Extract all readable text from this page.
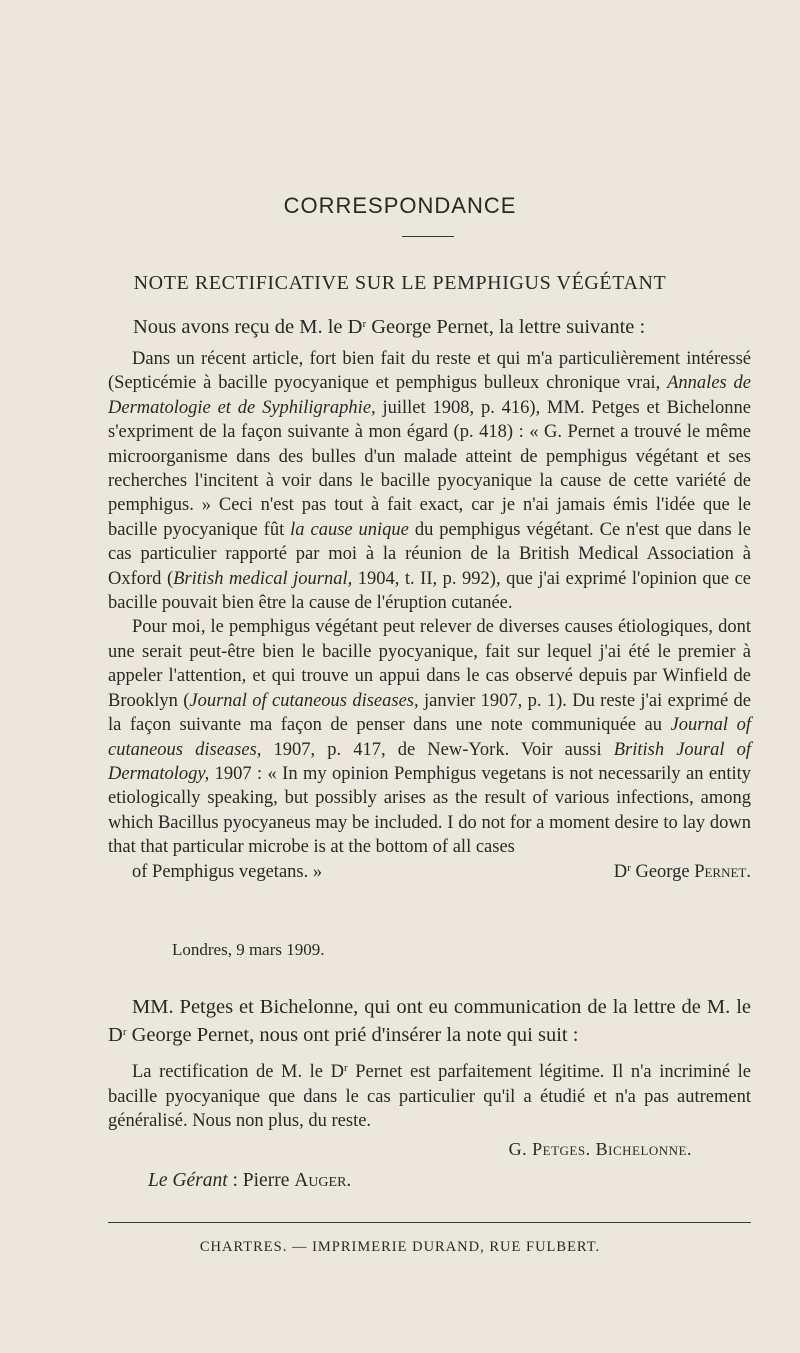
CORRESPONDANCE
NOTE RECTIFICATIVE SUR LE PEMPHIGUS VÉGÉTANT
Nous avons reçu de M. le $D^r$ George Pernet, la lettre suivante :

Dans un récent article, fort bien fait du reste et qui m'a particulièrement intéressé (Septicémie à bacille pyocyanique et pemphigus bulleux chronique vrai, Annales de Dermatologie et de Syphiligraphie, juillet 1908, p. 416), MM. Petges et Bichelonne s'expriment de la façon suivante à mon égard (p. 418) : « G. Pernet a trouvé le même microorganisme dans des bulles d'un malade atteint de pemphigus végétant et ses recherches l'incitent à voir dans le bacille pyocyanique la cause de cette variété de pemphigus. » Ceci n'est pas tout à fait exact, car je n'ai jamais émis l'idée que le bacille pyocyanique fût la cause unique du pemphigus végétant. Ce n'est que dans le cas particulier rapporté par moi à la réunion de la British Medical Association à Oxford (British medical journal, 1904, t. II, p. 992), que j'ai exprimé l'opinion que ce bacille pouvait bien être la cause de l'éruption cutanée.

Pour moi, le pemphigus végétant peut relever de diverses causes étiologiques, dont une serait peut-être bien le bacille pyocyanique, fait sur lequel j'ai été le premier à appeler l'attention, et qui trouve un appui dans le cas observé depuis par Winfield de Brooklyn (Journal of cutaneous diseases, janvier 1907, p. 1). Du reste j'ai exprimé de la façon suivante ma façon de penser dans une note communiquée au Journal of cutaneous diseases, 1907, p. 417, de New-York. Voir aussi British Joural of Dermatology, 1907 : « In my opinion Pemphigus vegetans is not necessarily an entity etiologically speaking, but possibly arises as the result of various infections, among which Bacillus pyocyaneus may be included. I do not for a moment desire to lay down that that particular microbe is at the bottom of all cases

of Pemphigus vegetans. »	$D^r$ George Pernet.

Londres, 9 mars 1909.

MM. Petges et Bichelonne, qui ont eu communication de la lettre de M. le $D^r$ George Pernet, nous ont prié d'insérer la note qui suit :

La rectification de M. le $D^r$ Pernet est parfaitement légitime. Il n'a incriminé le bacille pyocyanique que dans le cas particulier qu'il a étudié et n'a pas autrement généralisé. Nous non plus, du reste.

G. Petges. Bichelonne.
Le Gérant : Pierre Auger.
CHARTRES. — IMPRIMERIE DURAND, RUE FULBERT.
